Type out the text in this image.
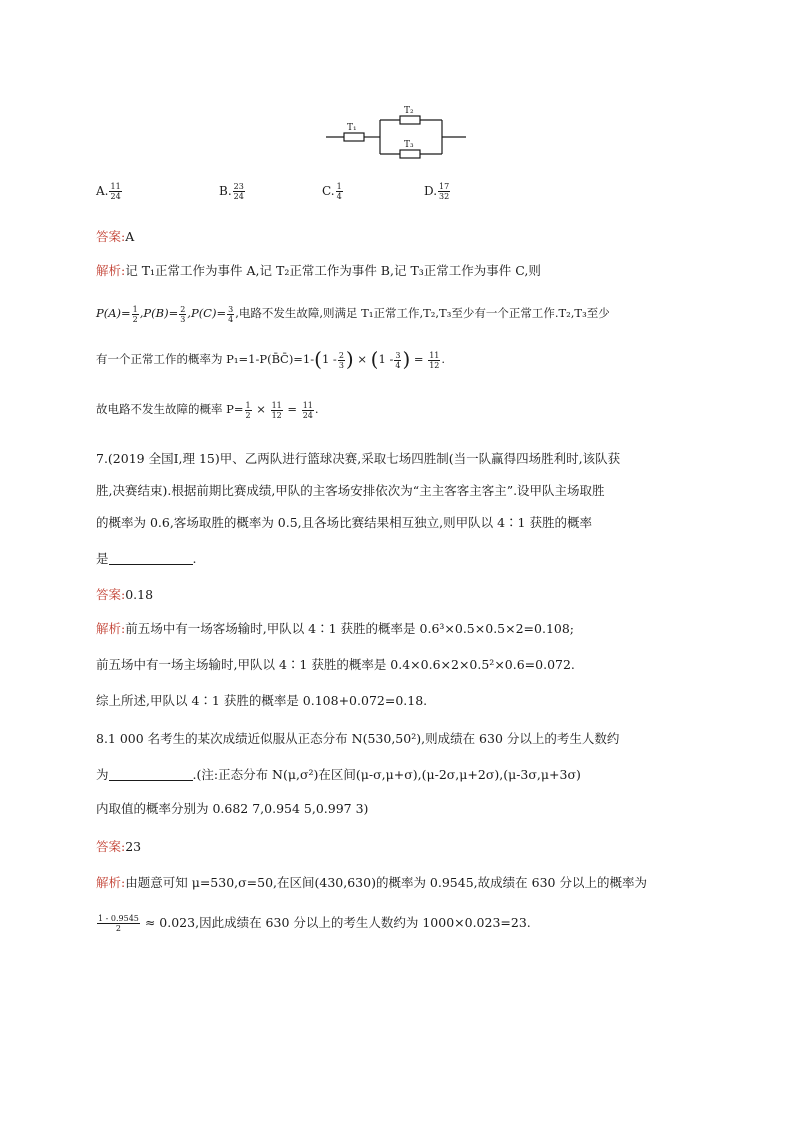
T₁
T₂
T₃
A. $\frac{11}{24}$	B. $\frac{23}{24}$	C. $\frac{1}{4}$	D. $\frac{17}{32}$
答案:A
解析:记 T₁正常工作为事件 A,记 T₂正常工作为事件 B,记 T₃正常工作为事件 C,则
$P(A)= \frac{1}{2} ,P(B)= \frac{2}{3} ,P(C)= \frac{3}{4}$ ,电路不发生故障,则满足 T₁正常工作,T₂,T₃至少有一个正常工作.T₂,T₃至少
有一个正常工作的概率为 P₁=1-P(B̄C̄)=1-(1 - $\frac{2}{3}$ ) × ($1 - \frac{3}{4}$ ) = $\frac{11}{12}$ .
故电路不发生故障的概率 $P= \frac{1}{2} \times \frac{11}{12} = \frac{11}{24}$ .
7.(2019 全国Ⅰ,理 15)甲、乙两队进行篮球决赛,采取七场四胜制(当一队赢得四场胜利时,该队获
胜,决赛结束).根据前期比赛成绩,甲队的主客场安排依次为“主主客客主客主”.设甲队主场取胜
的概率为 0.6,客场取胜的概率为 0.5,且各场比赛结果相互独立,则甲队以 4∶1 获胜的概率
是	.
答案:0.18
解析:前五场中有一场客场输时,甲队以 4∶1 获胜的概率是 0.6³×0.5×0.5×2=0.108;
前五场中有一场主场输时,甲队以 4∶1 获胜的概率是 0.4×0.6×2×0.5²×0.6=0.072.
综上所述,甲队以 4∶1 获胜的概率是 0.108+0.072=0.18.
8.1 000 名考生的某次成绩近似服从正态分布 N(530,50²),则成绩在 630 分以上的考生人数约
为	.(注:正态分布 N(μ,σ²)在区间(μ-σ,μ+σ),(μ-2σ,μ+2σ),(μ-3σ,μ+3σ)
内取值的概率分别为 0.682 7,0.954 5,0.997 3)
答案:23
解析:由题意可知 μ=530,σ=50,在区间(430,630)的概率为 0.9545,故成绩在 630 分以上的概率为
$\frac{1 - 0.9545}{2} \approx 0.023$,因此成绩在 630 分以上的考生人数约为 1000×0.023=23.
